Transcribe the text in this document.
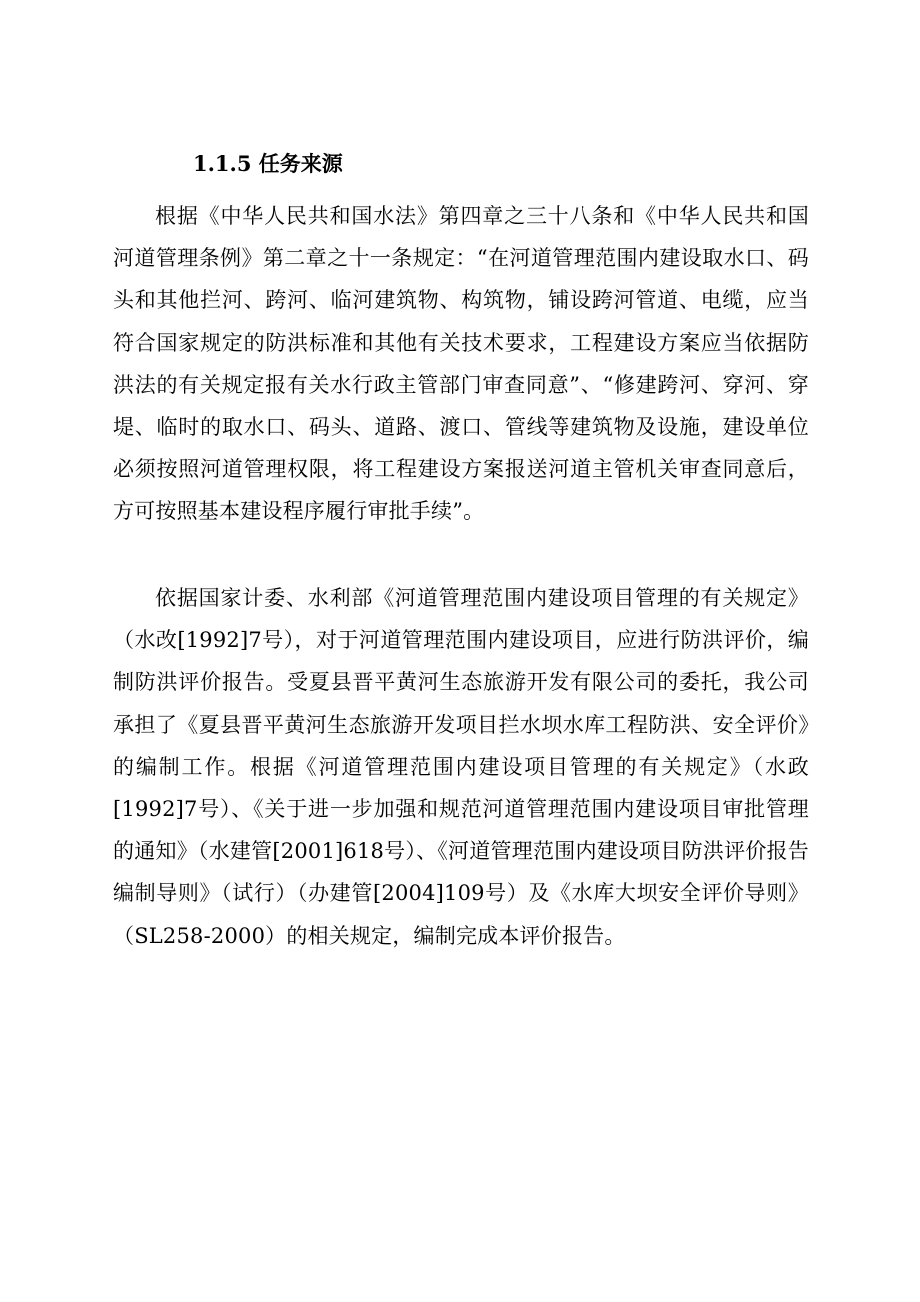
1.1.5 任务来源

根据《中华人民共和国水法》第四章之三十八条和《中华人民共和国河道管理条例》第二章之十一条规定：“在河道管理范围内建设取水口、码头和其他拦河、跨河、临河建筑物、构筑物，铺设跨河管道、电缆，应当符合国家规定的防洪标准和其他有关技术要求，工程建设方案应当依据防洪法的有关规定报有关水行政主管部门审查同意”、“修建跨河、穿河、穿堤、临时的取水口、码头、道路、渡口、管线等建筑物及设施，建设单位必须按照河道管理权限，将工程建设方案报送河道主管机关审查同意后，方可按照基本建设程序履行审批手续”。

依据国家计委、水利部《河道管理范围内建设项目管理的有关规定》（水改[1992]7号），对于河道管理范围内建设项目，应进行防洪评价，编制防洪评价报告。受夏县晋平黄河生态旅游开发有限公司的委托，我公司承担了《夏县晋平黄河生态旅游开发项目拦水坝水库工程防洪、安全评价》的编制工作。根据《河道管理范围内建设项目管理的有关规定》（水政[1992]7号）、《关于进一步加强和规范河道管理范围内建设项目审批管理的通知》（水建管[2001]618号）、《河道管理范围内建设项目防洪评价报告编制导则》（试行）（办建管[2004]109号）及《水库大坝安全评价导则》（SL258-2000）的相关规定，编制完成本评价报告。
